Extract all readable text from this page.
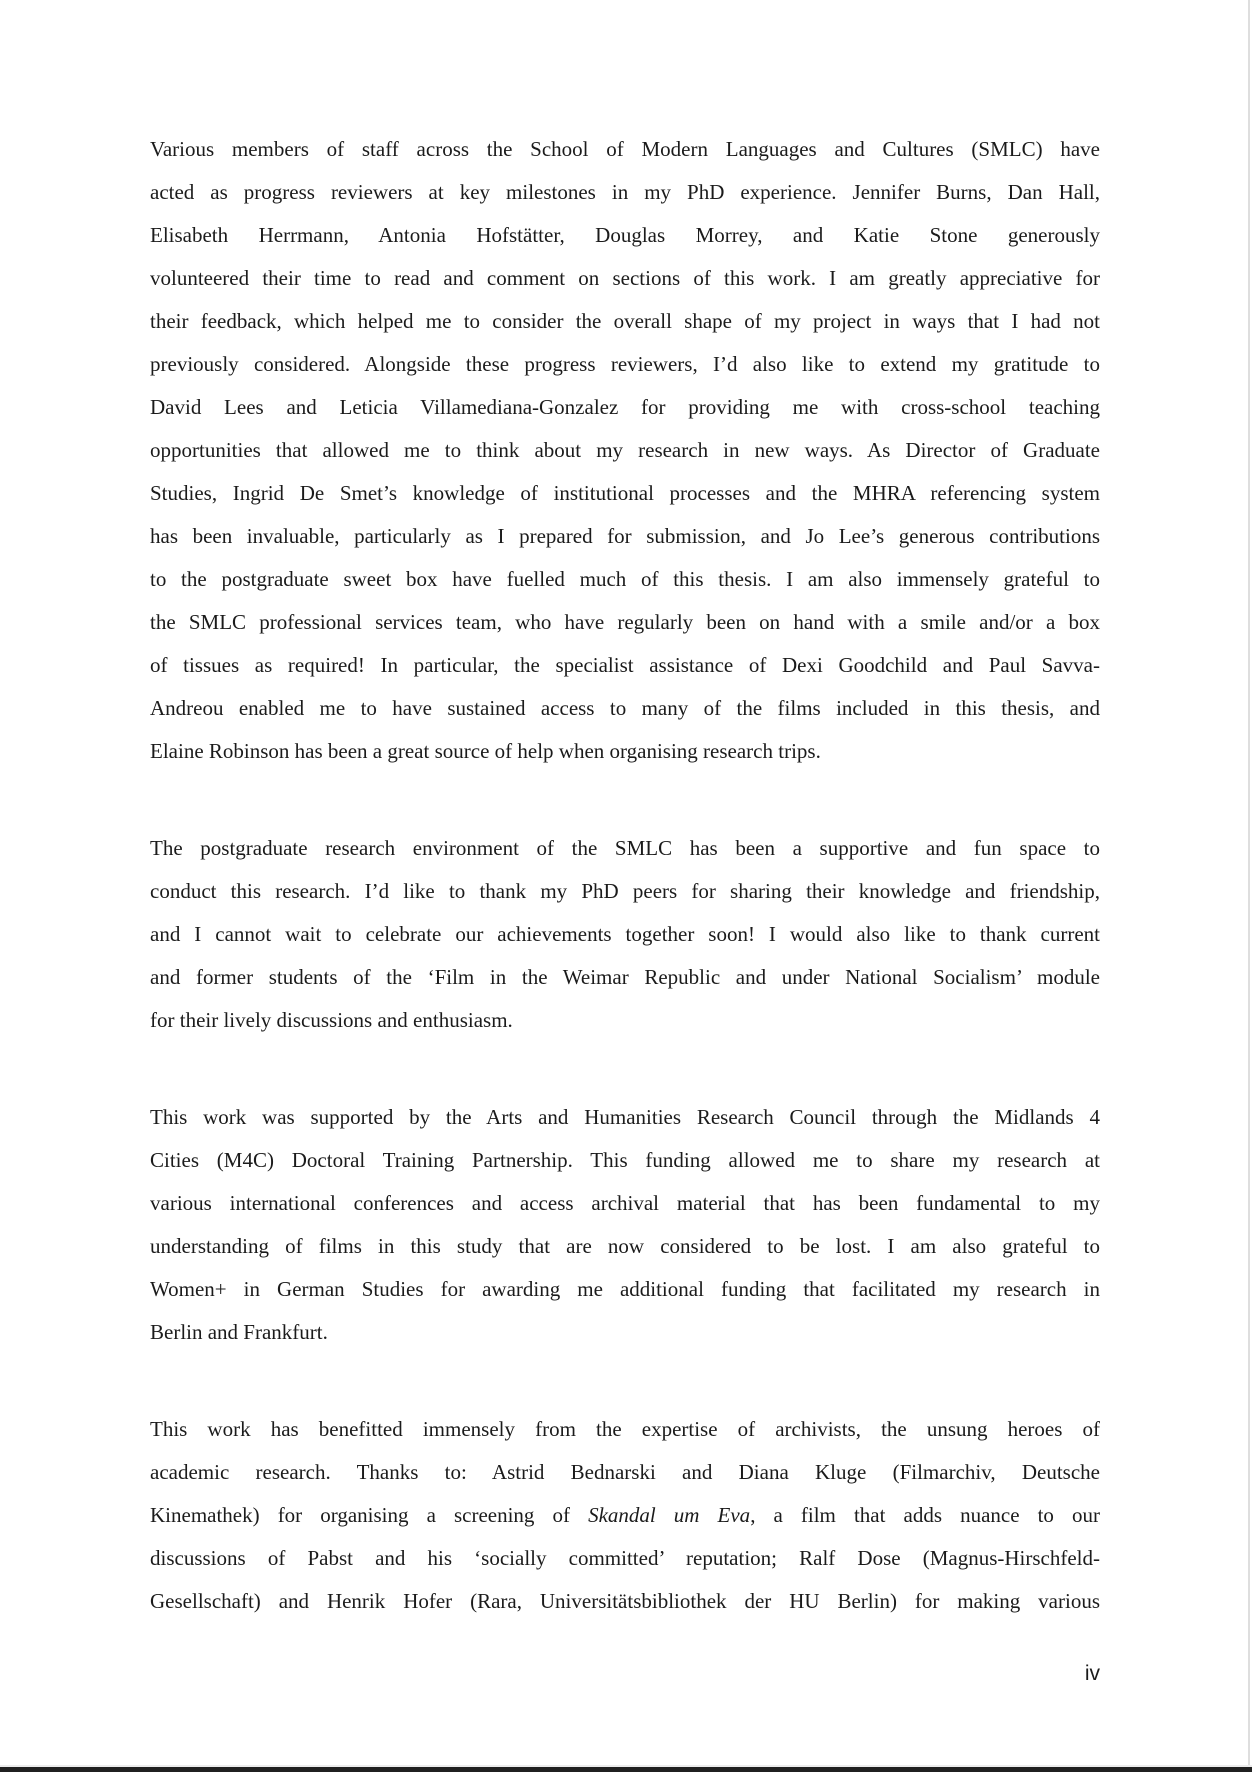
Various members of staff across the School of Modern Languages and Cultures (SMLC) have
acted as progress reviewers at key milestones in my PhD experience. Jennifer Burns, Dan Hall,
Elisabeth Herrmann, Antonia Hofstätter, Douglas Morrey, and Katie Stone generously
volunteered their time to read and comment on sections of this work. I am greatly appreciative for
their feedback, which helped me to consider the overall shape of my project in ways that I had not
previously considered. Alongside these progress reviewers, I’d also like to extend my gratitude to
David Lees and Leticia Villamediana-Gonzalez for providing me with cross-school teaching
opportunities that allowed me to think about my research in new ways. As Director of Graduate
Studies, Ingrid De Smet’s knowledge of institutional processes and the MHRA referencing system
has been invaluable, particularly as I prepared for submission, and Jo Lee’s generous contributions
to the postgraduate sweet box have fuelled much of this thesis. I am also immensely grateful to
the SMLC professional services team, who have regularly been on hand with a smile and/or a box
of tissues as required! In particular, the specialist assistance of Dexi Goodchild and Paul Savva-
Andreou enabled me to have sustained access to many of the films included in this thesis, and
Elaine Robinson has been a great source of help when organising research trips.
The postgraduate research environment of the SMLC has been a supportive and fun space to
conduct this research. I’d like to thank my PhD peers for sharing their knowledge and friendship,
and I cannot wait to celebrate our achievements together soon! I would also like to thank current
and former students of the ‘Film in the Weimar Republic and under National Socialism’ module
for their lively discussions and enthusiasm.
This work was supported by the Arts and Humanities Research Council through the Midlands 4
Cities (M4C) Doctoral Training Partnership. This funding allowed me to share my research at
various international conferences and access archival material that has been fundamental to my
understanding of films in this study that are now considered to be lost. I am also grateful to
Women+ in German Studies for awarding me additional funding that facilitated my research in
Berlin and Frankfurt.
This work has benefitted immensely from the expertise of archivists, the unsung heroes of
academic research. Thanks to: Astrid Bednarski and Diana Kluge (Filmarchiv, Deutsche
Kinemathek) for organising a screening of Skandal um Eva, a film that adds nuance to our
discussions of Pabst and his ‘socially committed’ reputation; Ralf Dose (Magnus-Hirschfeld-
Gesellschaft) and Henrik Hofer (Rara, Universitätsbibliothek der HU Berlin) for making various
iv
